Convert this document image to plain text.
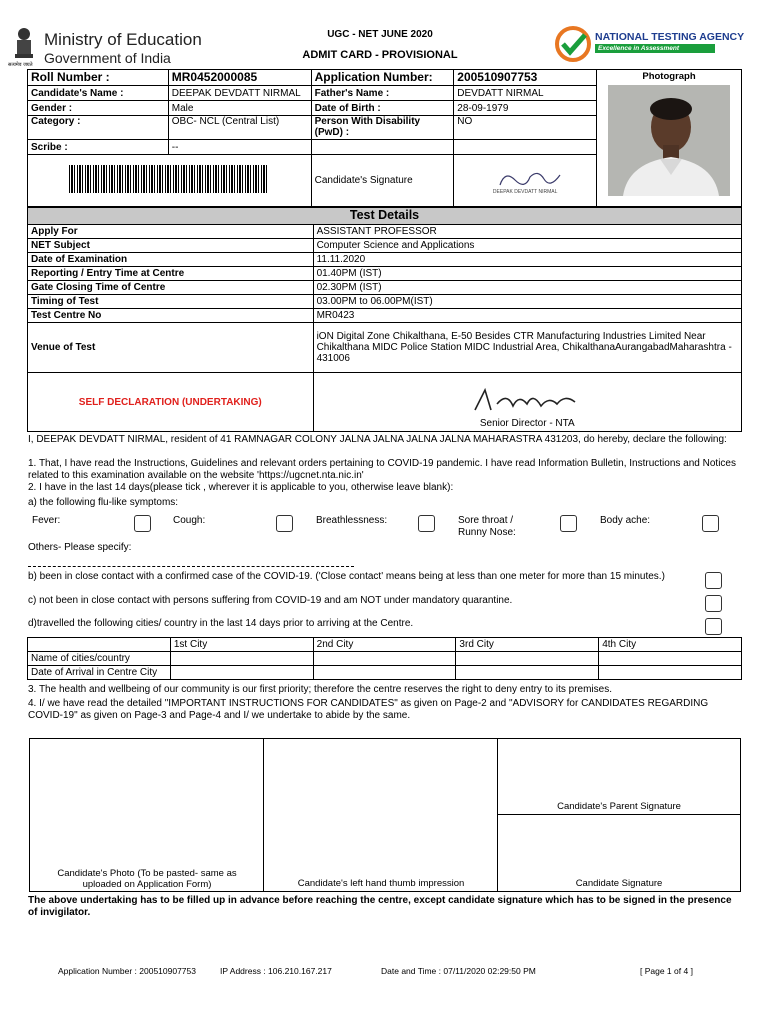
सत्यमेव जयते
Ministry of Education
Government of India
UGC - NET JUNE 2020
ADMIT CARD - PROVISIONAL
NATIONAL TESTING AGENCY
Excellence in Assessment
Roll Number :	MR0452000085	Application Number:	200510907753	Photograph

Candidate's Name :	DEEPAK DEVDATT NIRMAL	Father's Name :	DEVDATT NIRMAL	
Gender :	Male	Date of Birth :	28-09-1979	
Category :	OBC- NCL (Central List)	Person With Disability (PwD) :	NO	
Scribe :	--			
		Candidate's Signature	DEEPAK DEVDATT NIRMAL	
Test Details	
Apply For	ASSISTANT PROFESSOR
NET Subject	Computer Science and Applications
Date of Examination	11.11.2020
Reporting / Entry Time at Centre	01.40PM (IST)
Gate Closing Time of Centre	02.30PM (IST)
Timing of Test	03.00PM to 06.00PM(IST)
Test Centre No	MR0423
Venue of Test	iON Digital Zone Chikalthana, E-50 Besides CTR Manufacturing Industries Limited Near Chikalthana MIDC Police Station MIDC Industrial Area, ChikalthanaAurangabadMaharashtra - 431006
SELF DECLARATION (UNDERTAKING)	Senior Director - NTA
I, DEEPAK DEVDATT NIRMAL, resident of 41 RAMNAGAR COLONY JALNA JALNA JALNA JALNA MAHARASTRA 431203, do hereby, declare the following:
1. That, I have read the Instructions, Guidelines and relevant orders pertaining to COVID-19 pandemic. I have read Information Bulletin, Instructions and Notices related to this examination available on the website 'https://ugcnet.nta.nic.in'
2. I have in the last 14 days(please tick , wherever it is applicable to you, otherwise leave blank):
a) the following flu-like symptoms:
Fever:	Cough:	Breathlessness:	Sore throat / Runny Nose:
Body ache:
Others- Please specify:
b) been in close contact with a confirmed case of the COVID-19. ('Close contact' means being at less than one meter for more than 15 minutes.)
c) not been in close contact with persons suffering from COVID-19 and am NOT under mandatory quarantine.
d)travelled the following cities/ country in the last 14 days prior to arriving at the Centre.
	1st City	2nd City	3rd City	4th City
Name of cities/country				
Date of Arrival in Centre City				
3. The health and wellbeing of our community is our first priority; therefore the centre reserves the right to deny entry to its premises.
4. I/ we have read the detailed "IMPORTANT INSTRUCTIONS FOR CANDIDATES" as given on Page-2 and "ADVISORY for CANDIDATES REGARDING COVID-19" as given on Page-3 and Page-4 and I/ we undertake to abide by the same.
Candidate's Photo (To be pasted- same as uploaded on Application Form)	Candidate's left hand thumb impression
Candidate's Parent Signature
Candidate Signature
The above undertaking has to be filled up in advance before reaching the centre, except candidate signature which has to be signed in the presence of invigilator.
Application Number : 200510907753	IP Address : 106.210.167.217	Date and Time : 07/11/2020 02:29:50 PM	[ Page 1 of 4 ]
